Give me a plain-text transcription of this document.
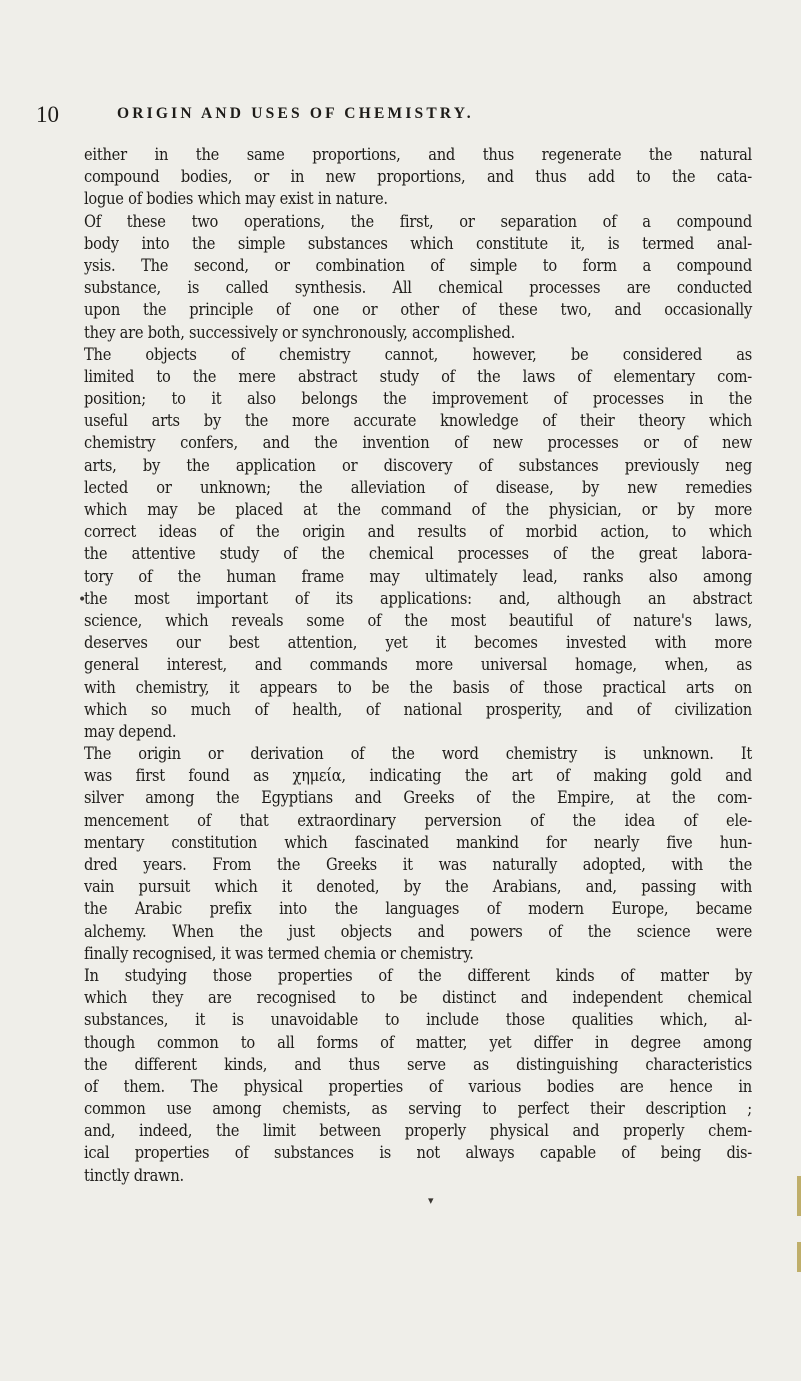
10	ORIGIN AND USES OF CHEMISTRY.
either in the same proportions, and thus regenerate the natural
compound bodies, or in new proportions, and thus add to the cata-
logue of bodies which may exist in nature.
Of these two operations, the first, or separation of a compound
body into the simple substances which constitute it, is termed anal-
ysis. The second, or combination of simple to form a compound
substance, is called synthesis. All chemical processes are conducted
upon the principle of one or other of these two, and occasionally
they are both, successively or synchronously, accomplished.
The objects of chemistry cannot, however, be considered as
limited to the mere abstract study of the laws of elementary com-
position; to it also belongs the improvement of processes in the
useful arts by the more accurate knowledge of their theory which
chemistry confers, and the invention of new processes or of new
arts, by the application or discovery of substances previously neg
lected or unknown; the alleviation of disease, by new remedies
which may be placed at the command of the physician, or by more
correct ideas of the origin and results of morbid action, to which
the attentive study of the chemical processes of the great labora-
tory of the human frame may ultimately lead, ranks also among
the most important of its applications: and, although an abstract
science, which reveals some of the most beautiful of nature's laws,
deserves our best attention, yet it becomes invested with more
general interest, and commands more universal homage, when, as
with chemistry, it appears to be the basis of those practical arts on
which so much of health, of national prosperity, and of civilization
may depend.
The origin or derivation of the word chemistry is unknown. It
was first found as χημεία, indicating the art of making gold and
silver among the Egyptians and Greeks of the Empire, at the com-
mencement of that extraordinary perversion of the idea of ele-
mentary constitution which fascinated mankind for nearly five hun-
dred years. From the Greeks it was naturally adopted, with the
vain pursuit which it denoted, by the Arabians, and, passing with
the Arabic prefix into the languages of modern Europe, became
alchemy. When the just objects and powers of the science were
finally recognised, it was termed chemia or chemistry.
In studying those properties of the different kinds of matter by
which they are recognised to be distinct and independent chemical
substances, it is unavoidable to include those qualities which, al-
though common to all forms of matter, yet differ in degree among
the different kinds, and thus serve as distinguishing characteristics
of them. The physical properties of various bodies are hence in
common use among chemists, as serving to perfect their description ;
and, indeed, the limit between properly physical and properly chem-
ical properties of substances is not always capable of being dis-
tinctly drawn.
•
▾
